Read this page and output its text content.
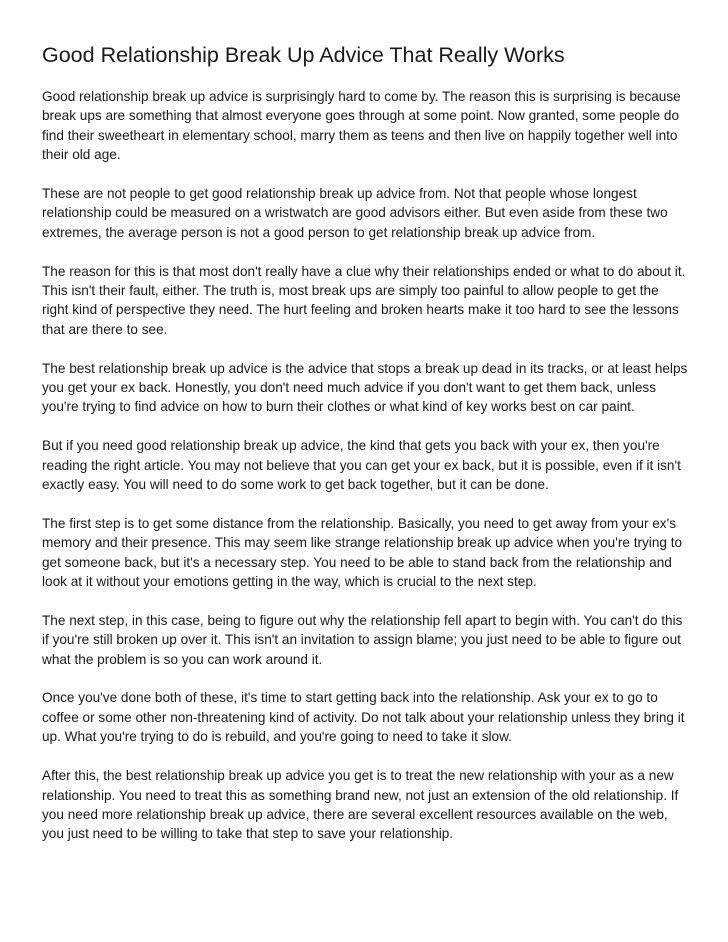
Good Relationship Break Up Advice That Really Works

Good relationship break up advice is surprisingly hard to come by. The reason this is surprising is because break ups are something that almost everyone goes through at some point. Now granted, some people do find their sweetheart in elementary school, marry them as teens and then live on happily together well into their old age.

These are not people to get good relationship break up advice from. Not that people whose longest relationship could be measured on a wristwatch are good advisors either. But even aside from these two extremes, the average person is not a good person to get relationship break up advice from.

The reason for this is that most don't really have a clue why their relationships ended or what to do about it. This isn't their fault, either. The truth is, most break ups are simply too painful to allow people to get the right kind of perspective they need. The hurt feeling and broken hearts make it too hard to see the lessons that are there to see.

The best relationship break up advice is the advice that stops a break up dead in its tracks, or at least helps you get your ex back. Honestly, you don't need much advice if you don't want to get them back, unless you're trying to find advice on how to burn their clothes or what kind of key works best on car paint.

But if you need good relationship break up advice, the kind that gets you back with your ex, then you're reading the right article. You may not believe that you can get your ex back, but it is possible, even if it isn't exactly easy. You will need to do some work to get back together, but it can be done.

The first step is to get some distance from the relationship. Basically, you need to get away from your ex's memory and their presence. This may seem like strange relationship break up advice when you're trying to get someone back, but it's a necessary step. You need to be able to stand back from the relationship and look at it without your emotions getting in the way, which is crucial to the next step.

The next step, in this case, being to figure out why the relationship fell apart to begin with. You can't do this if you're still broken up over it. This isn't an invitation to assign blame; you just need to be able to figure out what the problem is so you can work around it.

Once you've done both of these, it's time to start getting back into the relationship. Ask your ex to go to coffee or some other non-threatening kind of activity. Do not talk about your relationship unless they bring it up. What you're trying to do is rebuild, and you're going to need to take it slow.

After this, the best relationship break up advice you get is to treat the new relationship with your as a new relationship. You need to treat this as something brand new, not just an extension of the old relationship. If you need more relationship break up advice, there are several excellent resources available on the web, you just need to be willing to take that step to save your relationship.
